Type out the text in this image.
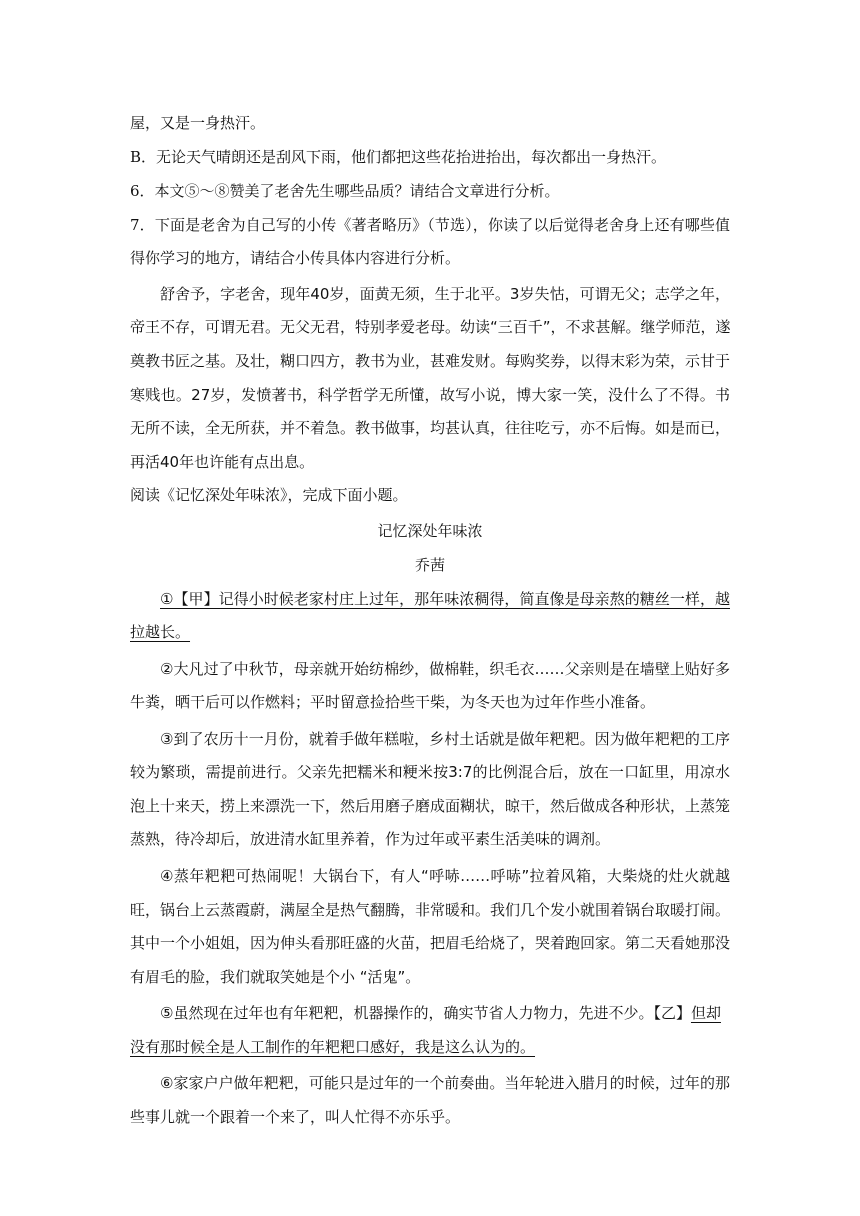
屋，又是一身热汗。
B．无论天气晴朗还是刮风下雨，他们都把这些花抬进抬出，每次都出一身热汗。
6．本文⑤～⑧赞美了老舍先生哪些品质？请结合文章进行分析。
7．下面是老舍为自己写的小传《著者略历》（节选），你读了以后觉得老舍身上还有哪些值
得你学习的地方，请结合小传具体内容进行分析。
舒舍予，字老舍，现年40岁，面黄无须，生于北平。3岁失怙，可谓无父；志学之年，
帝王不存，可谓无君。无父无君，特别孝爱老母。幼读“三百千”，不求甚解。继学师范，遂
奠教书匠之基。及壮，糊口四方，教书为业，甚难发财。每购奖券，以得末彩为荣，示甘于
寒贱也。27岁，发愤著书，科学哲学无所懂，故写小说，博大家一笑，没什么了不得。书
无所不读，全无所获，并不着急。教书做事，均甚认真，往往吃亏，亦不后悔。如是而已，
再活40年也许能有点出息。
阅读《记忆深处年味浓》，完成下面小题。
记忆深处年味浓
乔茜
①【甲】记得小时候老家村庄上过年，那年味浓稠得，简直像是母亲熬的糖丝一样，越
拉越长。
②大凡过了中秋节，母亲就开始纺棉纱，做棉鞋，织毛衣……父亲则是在墙壁上贴好多
牛粪，晒干后可以作燃料；平时留意捡拾些干柴，为冬天也为过年作些小准备。
③到了农历十一月份，就着手做年糕啦，乡村土话就是做年粑粑。因为做年粑粑的工序
较为繁琐，需提前进行。父亲先把糯米和粳米按3:7的比例混合后，放在一口缸里，用凉水
泡上十来天，捞上来漂洗一下，然后用磨子磨成面糊状，晾干，然后做成各种形状，上蒸笼
蒸熟，待冷却后，放进清水缸里养着，作为过年或平素生活美味的调剂。
④蒸年粑粑可热闹呢！大锅台下，有人“呼哧……呼哧”拉着风箱，大柴烧的灶火就越
旺，锅台上云蒸霞蔚，满屋全是热气翻腾，非常暖和。我们几个发小就围着锅台取暖打闹。
其中一个小姐姐，因为伸头看那旺盛的火苗，把眉毛给烧了，哭着跑回家。第二天看她那没
有眉毛的脸，我们就取笑她是个小 “活鬼”。
⑤虽然现在过年也有年粑粑，机器操作的，确实节省人力物力，先进不少。【乙】但却
没有那时候全是人工制作的年粑粑口感好，我是这么认为的。
⑥家家户户做年粑粑，可能只是过年的一个前奏曲。当年轮进入腊月的时候，过年的那
些事儿就一个跟着一个来了，叫人忙得不亦乐乎。
